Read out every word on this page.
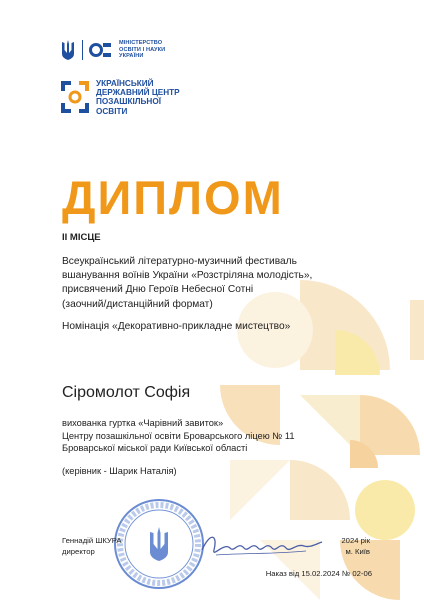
МІНІСТЕРСТВО
ОСВІТИ І НАУКИ
УКРАЇНИ
УКРАЇНСЬКИЙ
ДЕРЖАВНИЙ ЦЕНТР
ПОЗАШКІЛЬНОЇ
ОСВІТИ
ДИПЛОМ
ІІ МІСЦЕ
Всеукраїнський літературно-музичний фестиваль
вшанування воїнів України «Розстріляна молодість»,
присвячений Дню Героїв Небесної Сотні
(заочний/дистанційний формат)
Номінація «Декоративно-прикладне мистецтво»
Сіромолот Софія
вихованка гуртка «Чарівний завиток»
Центру позашкільної освіти Броварського ліцею № 11
Броварської міської ради Київської області
(керівник - Шарик Наталія)
Геннадій ШКУРА
директор
2024 рік
м. Київ
Наказ від 15.02.2024 № 02-06
